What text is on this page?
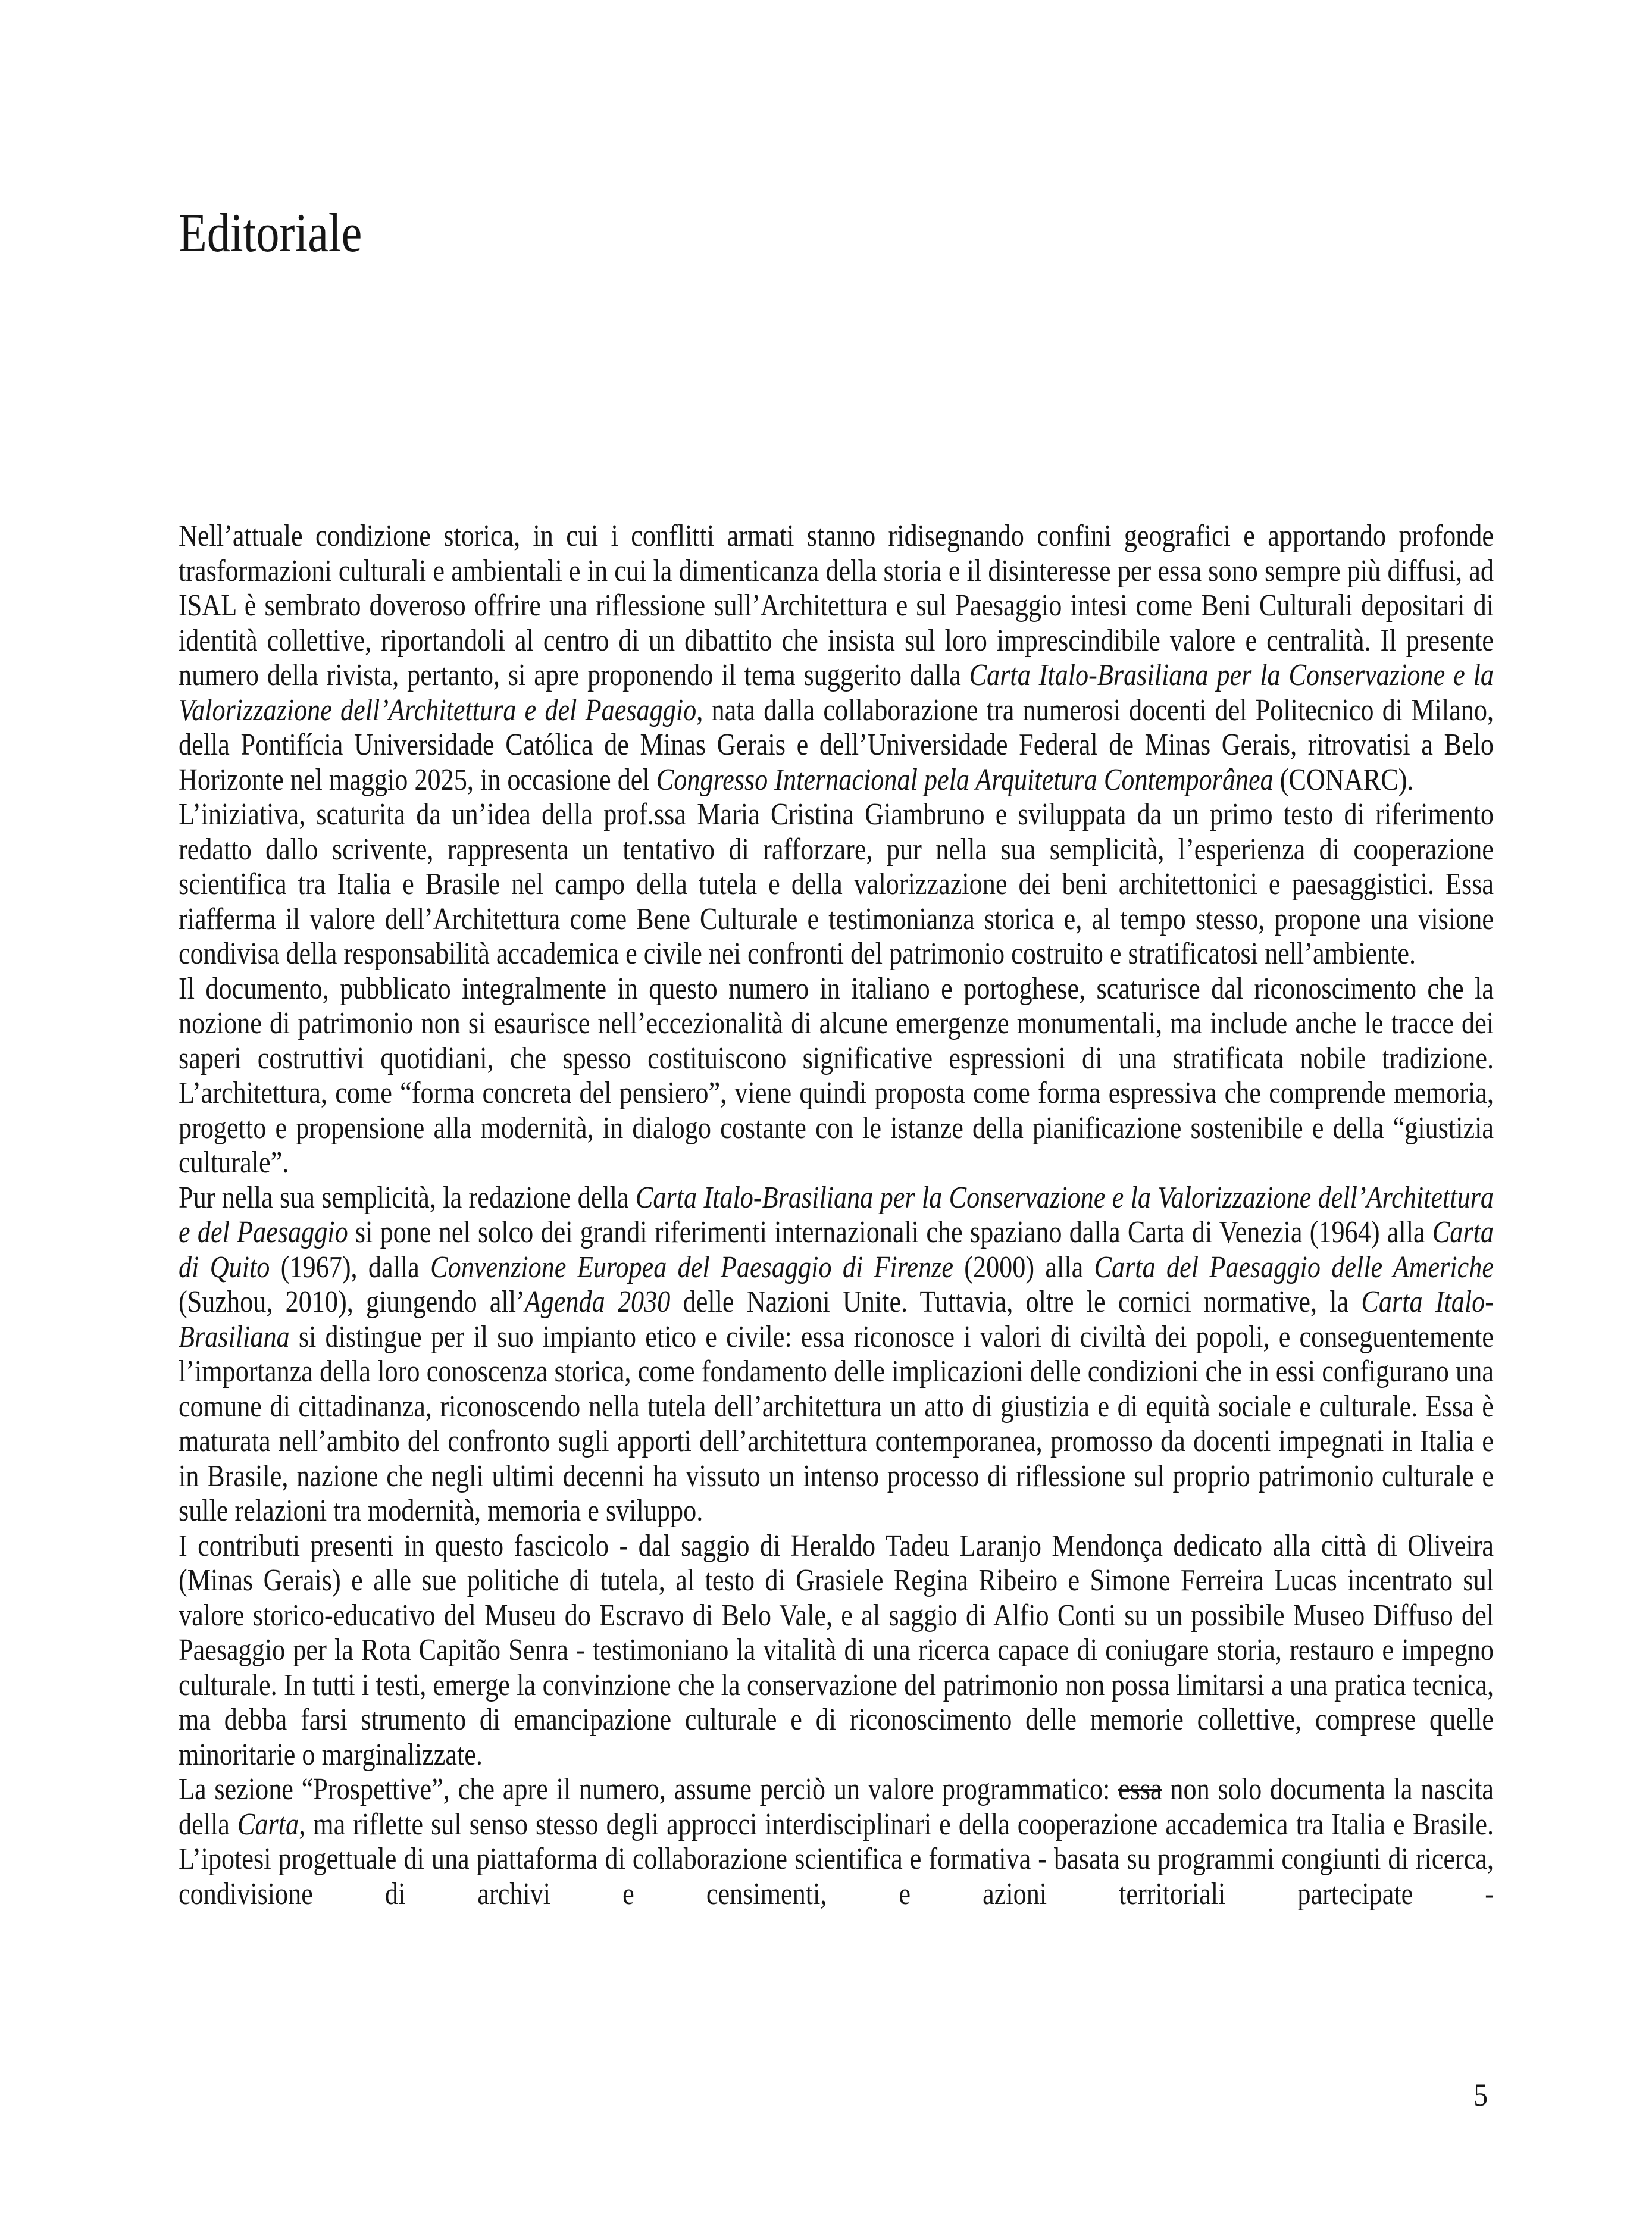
Editoriale

Nell’attuale condizione storica, in cui i conflitti armati stanno ridisegnando confini geografici e apportando profonde trasformazioni culturali e ambientali e in cui la dimenticanza della storia e il disinteresse per essa sono sempre più diffusi, ad ISAL è sembrato doveroso offrire una riflessione sull’Architettura e sul Paesaggio intesi come Beni Culturali depositari di identità collettive, riportandoli al centro di un dibattito che insista sul loro imprescindibile valore e centralità. Il presente numero della rivista, pertanto, si apre proponendo il tema suggerito dalla Carta Italo-Brasiliana per la Conservazione e la Valorizzazione dell’Architettura e del Paesaggio, nata dalla collaborazione tra numerosi docenti del Politecnico di Milano, della Pontifícia Universidade Católica de Minas Gerais e dell’Universidade Federal de Minas Gerais, ritrovatisi a Belo Horizonte nel maggio 2025, in occasione del Congresso Internacional pela Arquitetura Contemporânea (CONARC).

L’iniziativa, scaturita da un’idea della prof.ssa Maria Cristina Giambruno e sviluppata da un primo testo di riferimento redatto dallo scrivente, rappresenta un tentativo di rafforzare, pur nella sua semplicità, l’esperienza di cooperazione scientifica tra Italia e Brasile nel campo della tutela e della valorizzazione dei beni architettonici e paesaggistici. Essa riafferma il valore dell’Architettura come Bene Culturale e testimonianza storica e, al tempo stesso, propone una visione condivisa della responsabilità accademica e civile nei confronti del patrimonio costruito e stratificatosi nell’ambiente.

Il documento, pubblicato integralmente in questo numero in italiano e portoghese, scaturisce dal riconoscimento che la nozione di patrimonio non si esaurisce nell’eccezionalità di alcune emergenze monumentali, ma include anche le tracce dei saperi costruttivi quotidiani, che spesso costituiscono significative espressioni di una stratificata nobile tradizione. L’architettura, come “forma concreta del pensiero”, viene quindi proposta come forma espressiva che comprende memoria, progetto e propensione alla modernità, in dialogo costante con le istanze della pianificazione sostenibile e della “giustizia culturale”.

Pur nella sua semplicità, la redazione della Carta Italo-Brasiliana per la Conservazione e la Valorizzazione dell’Architettura e del Paesaggio si pone nel solco dei grandi riferimenti internazionali che spaziano dalla Carta di Venezia (1964) alla Carta di Quito (1967), dalla Convenzione Europea del Paesaggio di Firenze (2000) alla Carta del Paesaggio delle Americhe (Suzhou, 2010), giungendo all’Agenda 2030 delle Nazioni Unite. Tuttavia, oltre le cornici normative, la Carta Italo-Brasiliana si distingue per il suo impianto etico e civile: essa riconosce i valori di civiltà dei popoli, e conseguentemente l’importanza della loro conoscenza storica, come fondamento delle implicazioni delle condizioni che in essi configurano una comune di cittadinanza, riconoscendo nella tutela dell’architettura un atto di giustizia e di equità sociale e culturale. Essa è maturata nell’ambito del confronto sugli apporti dell’architettura contemporanea, promosso da docenti impegnati in Italia e in Brasile, nazione che negli ultimi decenni ha vissuto un intenso processo di riflessione sul proprio patrimonio culturale e sulle relazioni tra modernità, memoria e sviluppo.

I contributi presenti in questo fascicolo - dal saggio di Heraldo Tadeu Laranjo Mendonça dedicato alla città di Oliveira (Minas Gerais) e alle sue politiche di tutela, al testo di Grasiele Regina Ribeiro e Simone Ferreira Lucas incentrato sul valore storico-educativo del Museu do Escravo di Belo Vale, e al saggio di Alfio Conti su un possibile Museo Diffuso del Paesaggio per la Rota Capitão Senra - testimoniano la vitalità di una ricerca capace di coniugare storia, restauro e impegno culturale. In tutti i testi, emerge la convinzione che la conservazione del patrimonio non possa limitarsi a una pratica tecnica, ma debba farsi strumento di emancipazione culturale e di riconoscimento delle memorie collettive, comprese quelle minoritarie o marginalizzate.

La sezione “Prospettive”, che apre il numero, assume perciò un valore programmatico: essa non solo documenta la nascita della Carta, ma riflette sul senso stesso degli approcci interdisciplinari e della cooperazione accademica tra Italia e Brasile. L’ipotesi progettuale di una piattaforma di collaborazione scientifica e formativa - basata su programmi congiunti di ricerca, condivisione di archivi e censimenti, e azioni territoriali partecipate -

5
